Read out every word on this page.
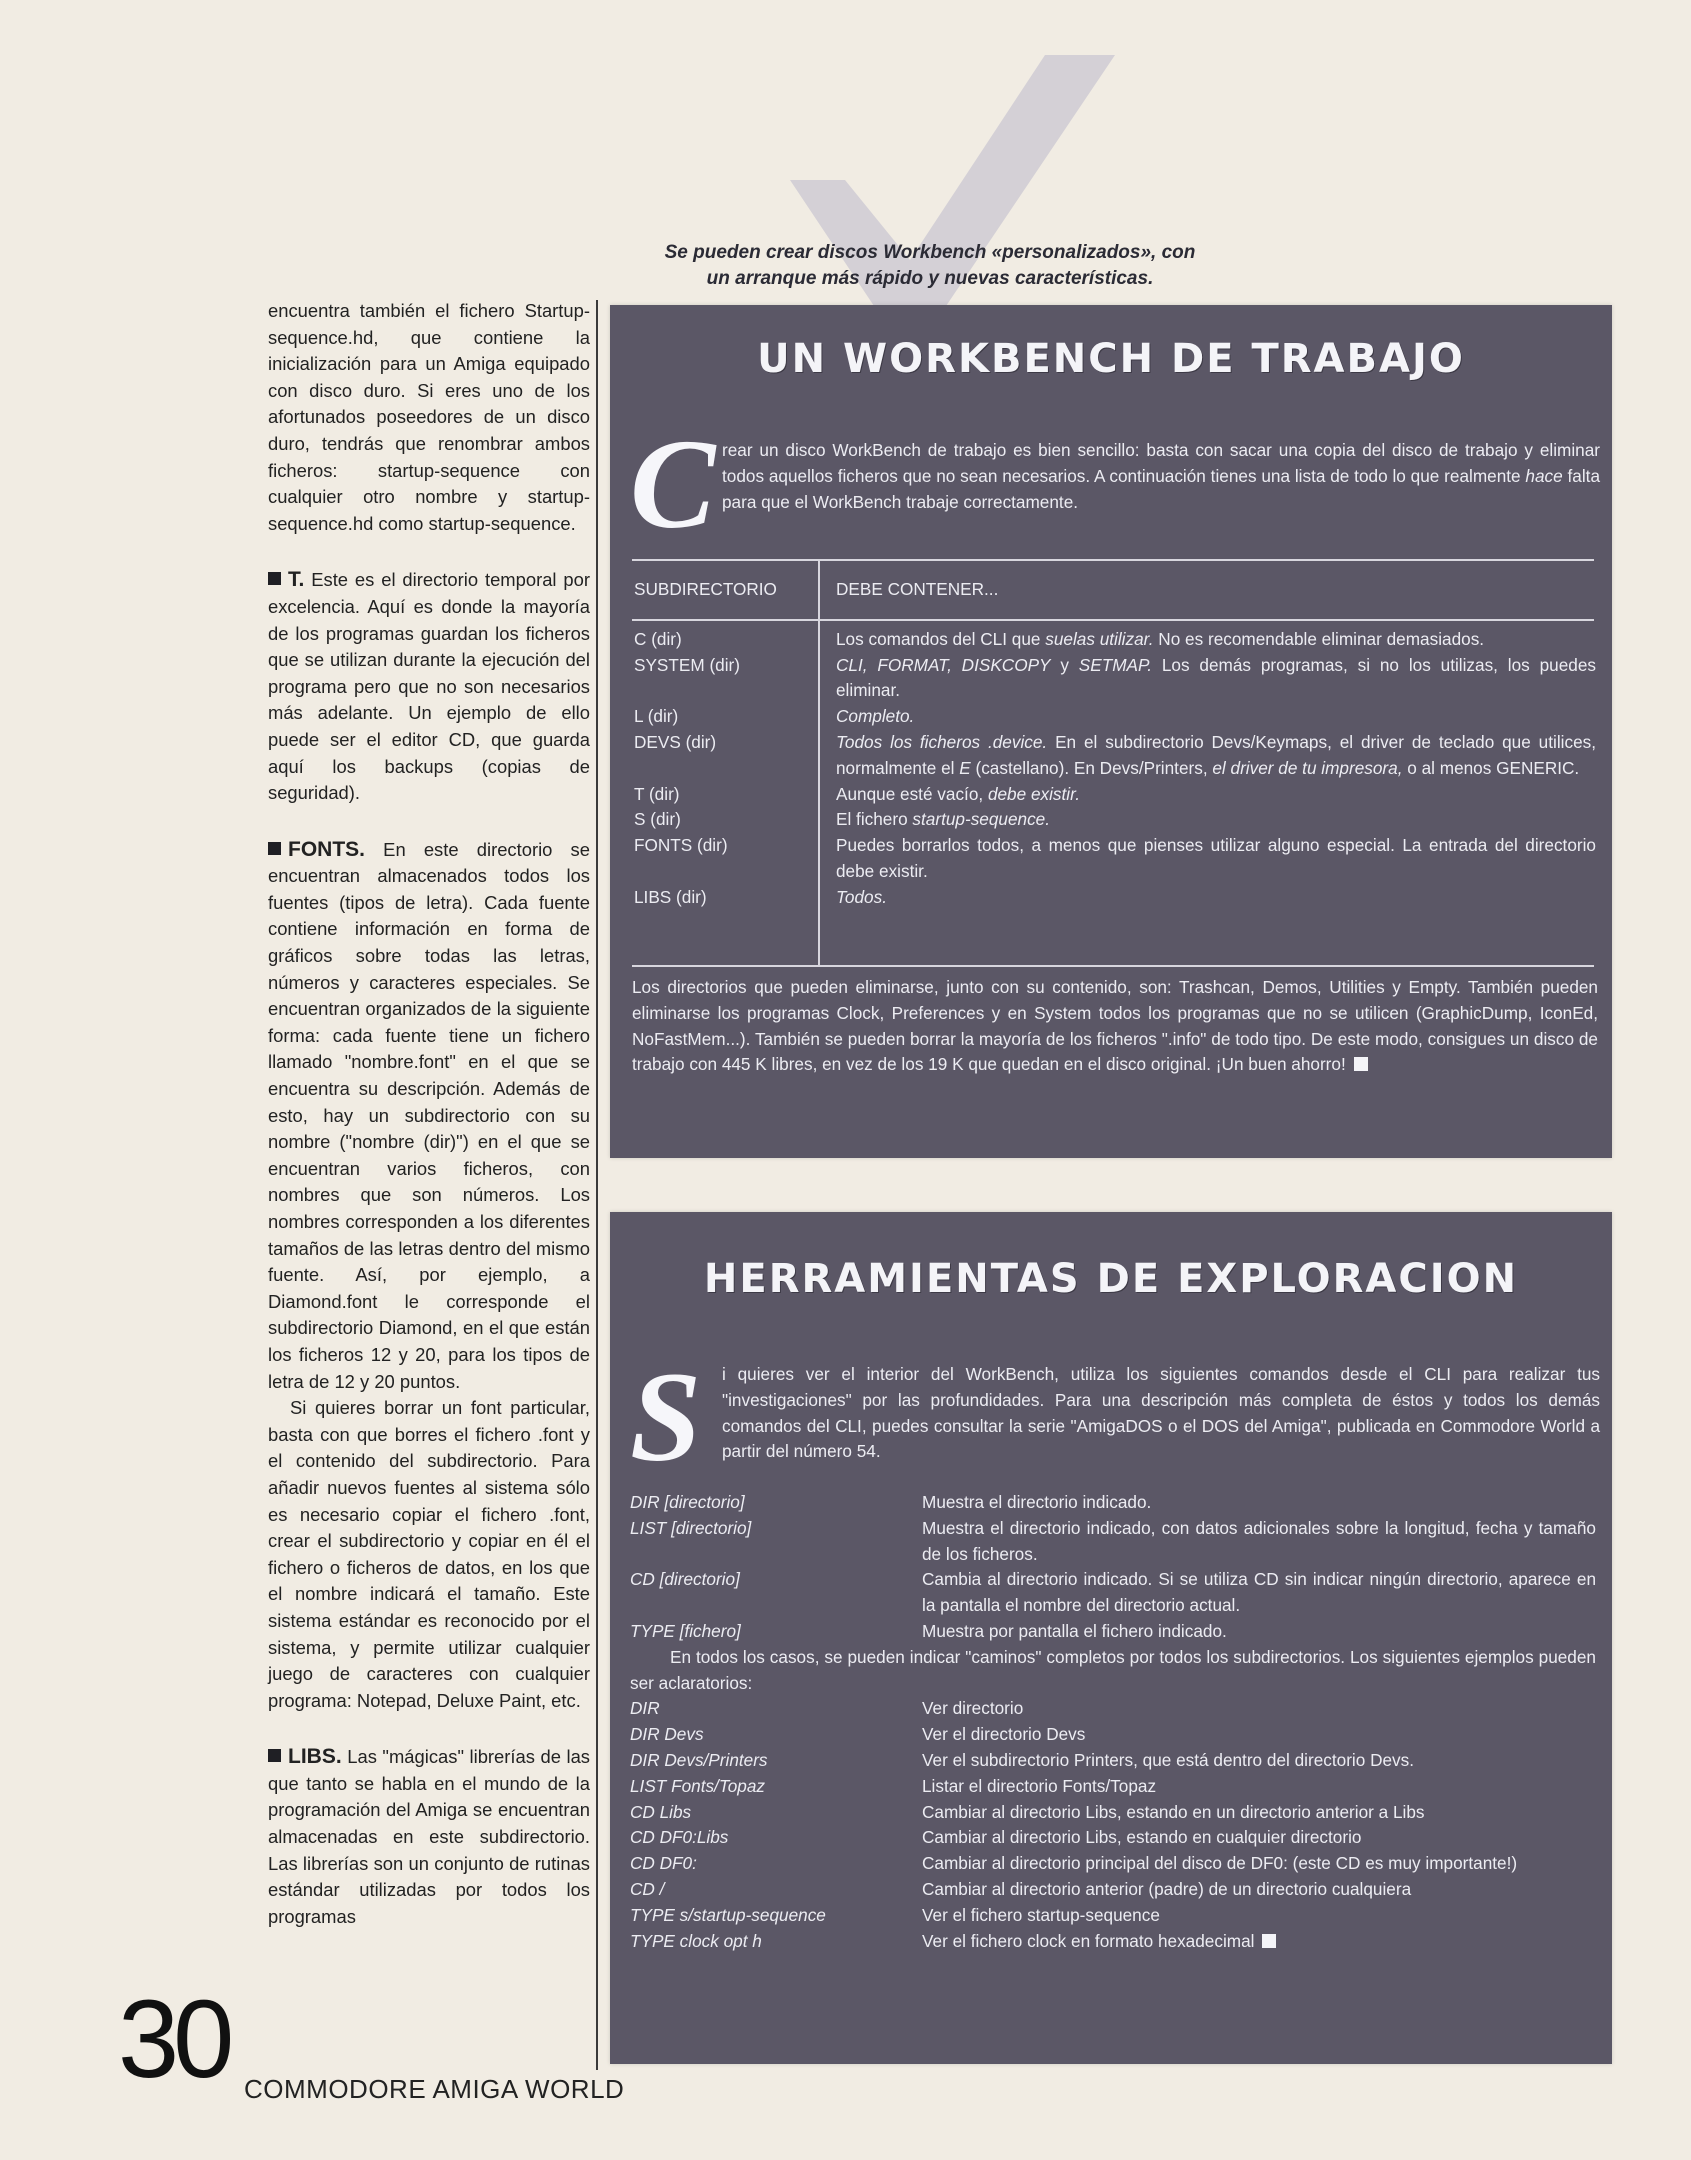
Se pueden crear discos Workbench «personalizados», con
un arranque más rápido y nuevas características.

encuentra también el fichero Startup-sequence.hd, que contiene la inicialización para un Amiga equipado con disco duro. Si eres uno de los afortunados poseedores de un disco duro, tendrás que renombrar ambos ficheros: startup-sequence con cualquier otro nombre y startup-sequence.hd como startup-sequence.

T. Este es el directorio temporal por excelencia. Aquí es donde la mayoría de los programas guardan los ficheros que se utilizan durante la ejecución del programa pero que no son necesarios más adelante. Un ejemplo de ello puede ser el editor CD, que guarda aquí los backups (copias de seguridad).

FONTS. En este directorio se encuentran almacenados todos los fuentes (tipos de letra). Cada fuente contiene información en forma de gráficos sobre todas las letras, números y caracteres especiales. Se encuentran organizados de la siguiente forma: cada fuente tiene un fichero llamado "nombre.font" en el que se encuentra su descripción. Además de esto, hay un subdirectorio con su nombre ("nombre (dir)") en el que se encuentran varios ficheros, con nombres que son números. Los nombres corresponden a los diferentes tamaños de las letras dentro del mismo fuente. Así, por ejemplo, a Diamond.font le corresponde el subdirectorio Diamond, en el que están los ficheros 12 y 20, para los tipos de letra de 12 y 20 puntos.

Si quieres borrar un font particular, basta con que borres el fichero .font y el contenido del subdirectorio. Para añadir nuevos fuentes al sistema sólo es necesario copiar el fichero .font, crear el subdirectorio y copiar en él el fichero o ficheros de datos, en los que el nombre indicará el tamaño. Este sistema estándar es reconocido por el sistema, y permite utilizar cualquier juego de caracteres con cualquier programa: Notepad, Deluxe Paint, etc.

LIBS. Las "mágicas" librerías de las que tanto se habla en el mundo de la programación del Amiga se encuentran almacenadas en este subdirectorio. Las librerías son un conjunto de rutinas estándar utilizadas por todos los programas

30 COMMODORE AMIGA WORLD
UN WORKBENCH DE TRABAJO
C rear un disco WorkBench de trabajo es bien sencillo: basta con sacar una copia del disco de trabajo y eliminar todos aquellos ficheros que no sean necesarios. A continuación tienes una lista de todo lo que realmente hace falta para que el WorkBench trabaje correctamente.
SUBDIRECTORIO	DEBE CONTENER...

C (dir)	Los comandos del CLI que suelas utilizar. No es recomendable eliminar demasiados.
SYSTEM (dir)	CLI, FORMAT, DISKCOPY y SETMAP. Los demás programas, si no los utilizas, los puedes eliminar.
L (dir)	Completo.
DEVS (dir)	Todos los ficheros .device. En el subdirectorio Devs/Keymaps, el driver de teclado que utilices, normalmente el E (castellano). En Devs/Printers, el driver de tu impresora, o al menos GENERIC.
T (dir)	Aunque esté vacío, debe existir.
S (dir)	El fichero startup-sequence.
FONTS (dir)	Puedes borrarlos todos, a menos que pienses utilizar alguno especial. La entrada del directorio debe existir.
LIBS (dir)	Todos.
Los directorios que pueden eliminarse, junto con su contenido, son: Trashcan, Demos, Utilities y Empty. También pueden eliminarse los programas Clock, Preferences y en System todos los programas que no se utilicen (GraphicDump, IconEd, NoFastMem...). También se pueden borrar la mayoría de los ficheros ".info" de todo tipo. De este modo, consigues un disco de trabajo con 445 K libres, en vez de los 19 K que quedan en el disco original. ¡Un buen ahorro!
HERRAMIENTAS DE EXPLORACION
S i quieres ver el interior del WorkBench, utiliza los siguientes comandos desde el CLI para realizar tus "investigaciones" por las profundidades. Para una descripción más completa de éstos y todos los demás comandos del CLI, puedes consultar la serie "AmigaDOS o el DOS del Amiga", publicada en Commodore World a partir del número 54.
DIR [directorio]	Muestra el directorio indicado.
LIST [directorio]	Muestra el directorio indicado, con datos adicionales sobre la longitud, fecha y tamaño de los ficheros.
CD [directorio]	Cambia al directorio indicado. Si se utiliza CD sin indicar ningún directorio, aparece en la pantalla el nombre del directorio actual.
TYPE [fichero]	Muestra por pantalla el fichero indicado.
En todos los casos, se pueden indicar "caminos" completos por todos los subdirectorios. Los siguientes ejemplos pueden ser aclaratorios:	
DIR	Ver directorio
DIR Devs	Ver el directorio Devs
DIR Devs/Printers	Ver el subdirectorio Printers, que está dentro del directorio Devs.
LIST Fonts/Topaz	Listar el directorio Fonts/Topaz
CD Libs	Cambiar al directorio Libs, estando en un directorio anterior a Libs
CD DF0:Libs	Cambiar al directorio Libs, estando en cualquier directorio
CD DF0:	Cambiar al directorio principal del disco de DF0: (este CD es muy importante!)
CD /	Cambiar al directorio anterior (padre) de un directorio cualquiera
TYPE s/startup-sequence	Ver el fichero startup-sequence
TYPE clock opt h	Ver el fichero clock en formato hexadecimal
